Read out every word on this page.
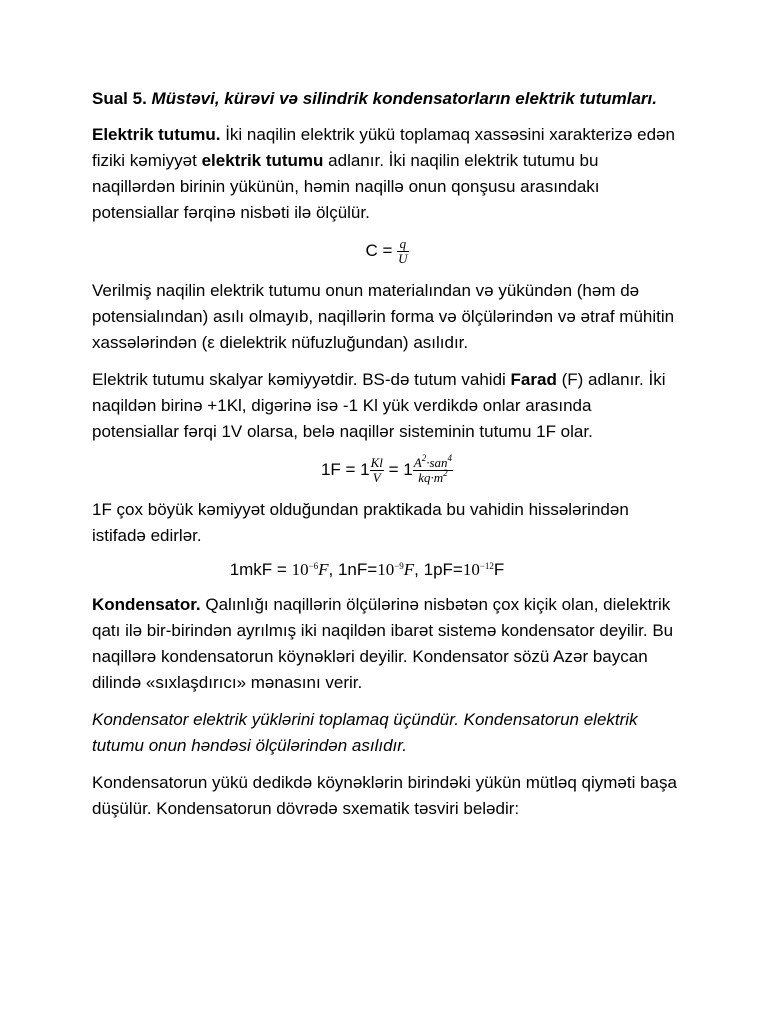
Sual 5. Müstəvi, kürəvi və silindrik kondensatorların elektrik tutumları.

Elektrik tutumu. İki naqilin elektrik yükü toplamaq xassəsini xarakterizə edən fiziki kəmiyyət elektrik tutumu adlanır. İki naqilin elektrik tutumu bu naqillərdən birinin yükünün, həmin naqillə onun qonşusu arasındakı potensiallar fərqinə nisbəti ilə ölçülür.

$C = \frac{q}{U}$

Verilmiş naqilin elektrik tutumu onun materialından və yükündən (həm də potensialından) asılı olmayıb, naqillərin forma və ölçülərindən və ətraf mühitin xassələrindən (ε dielektrik nüfuzluğundan) asılıdır.

Elektrik tutumu skalyar kəmiyyətdir. BS-də tutum vahidi Farad (F) adlanır. İki naqildən birinə +1Kl, digərinə isə -1 Kl yük verdikdə onlar arasında potensiallar fərqi 1V olarsa, belə naqillər sisteminin tutumu 1F olar.

$1F = 1 \frac{Kl}{V} = 1 \frac{A^2\cdot san^4}{kq\cdot m^2}$

1F çox böyük kəmiyyət olduğundan praktikada bu vahidin hissələrindən istifadə edirlər.

$1mkF = 10^{-6}F$, $1nF=10^{-9}F$, $1pF=10^{-12}F$

Kondensator. Qalınlığı naqillərin ölçülərinə nisbətən çox kiçik olan, dielektrik qatı ilə bir-birindən ayrılmış iki naqildən ibarət sistemə kondensator deyilir. Bu naqillərə kondensatorun köynəkləri deyilir. Kondensator sözü Azər baycan dilində «sıxlaşdırıcı» mənasını verir.

Kondensator elektrik yüklərini toplamaq üçündür. Kondensatorun elektrik tutumu onun həndəsi ölçülərindən asılıdır.

Kondensatorun yükü dedikdə köynəklərin birindəki yükün mütləq qiyməti başa düşülür. Kondensatorun dövrədə sxematik təsviri belədir:
